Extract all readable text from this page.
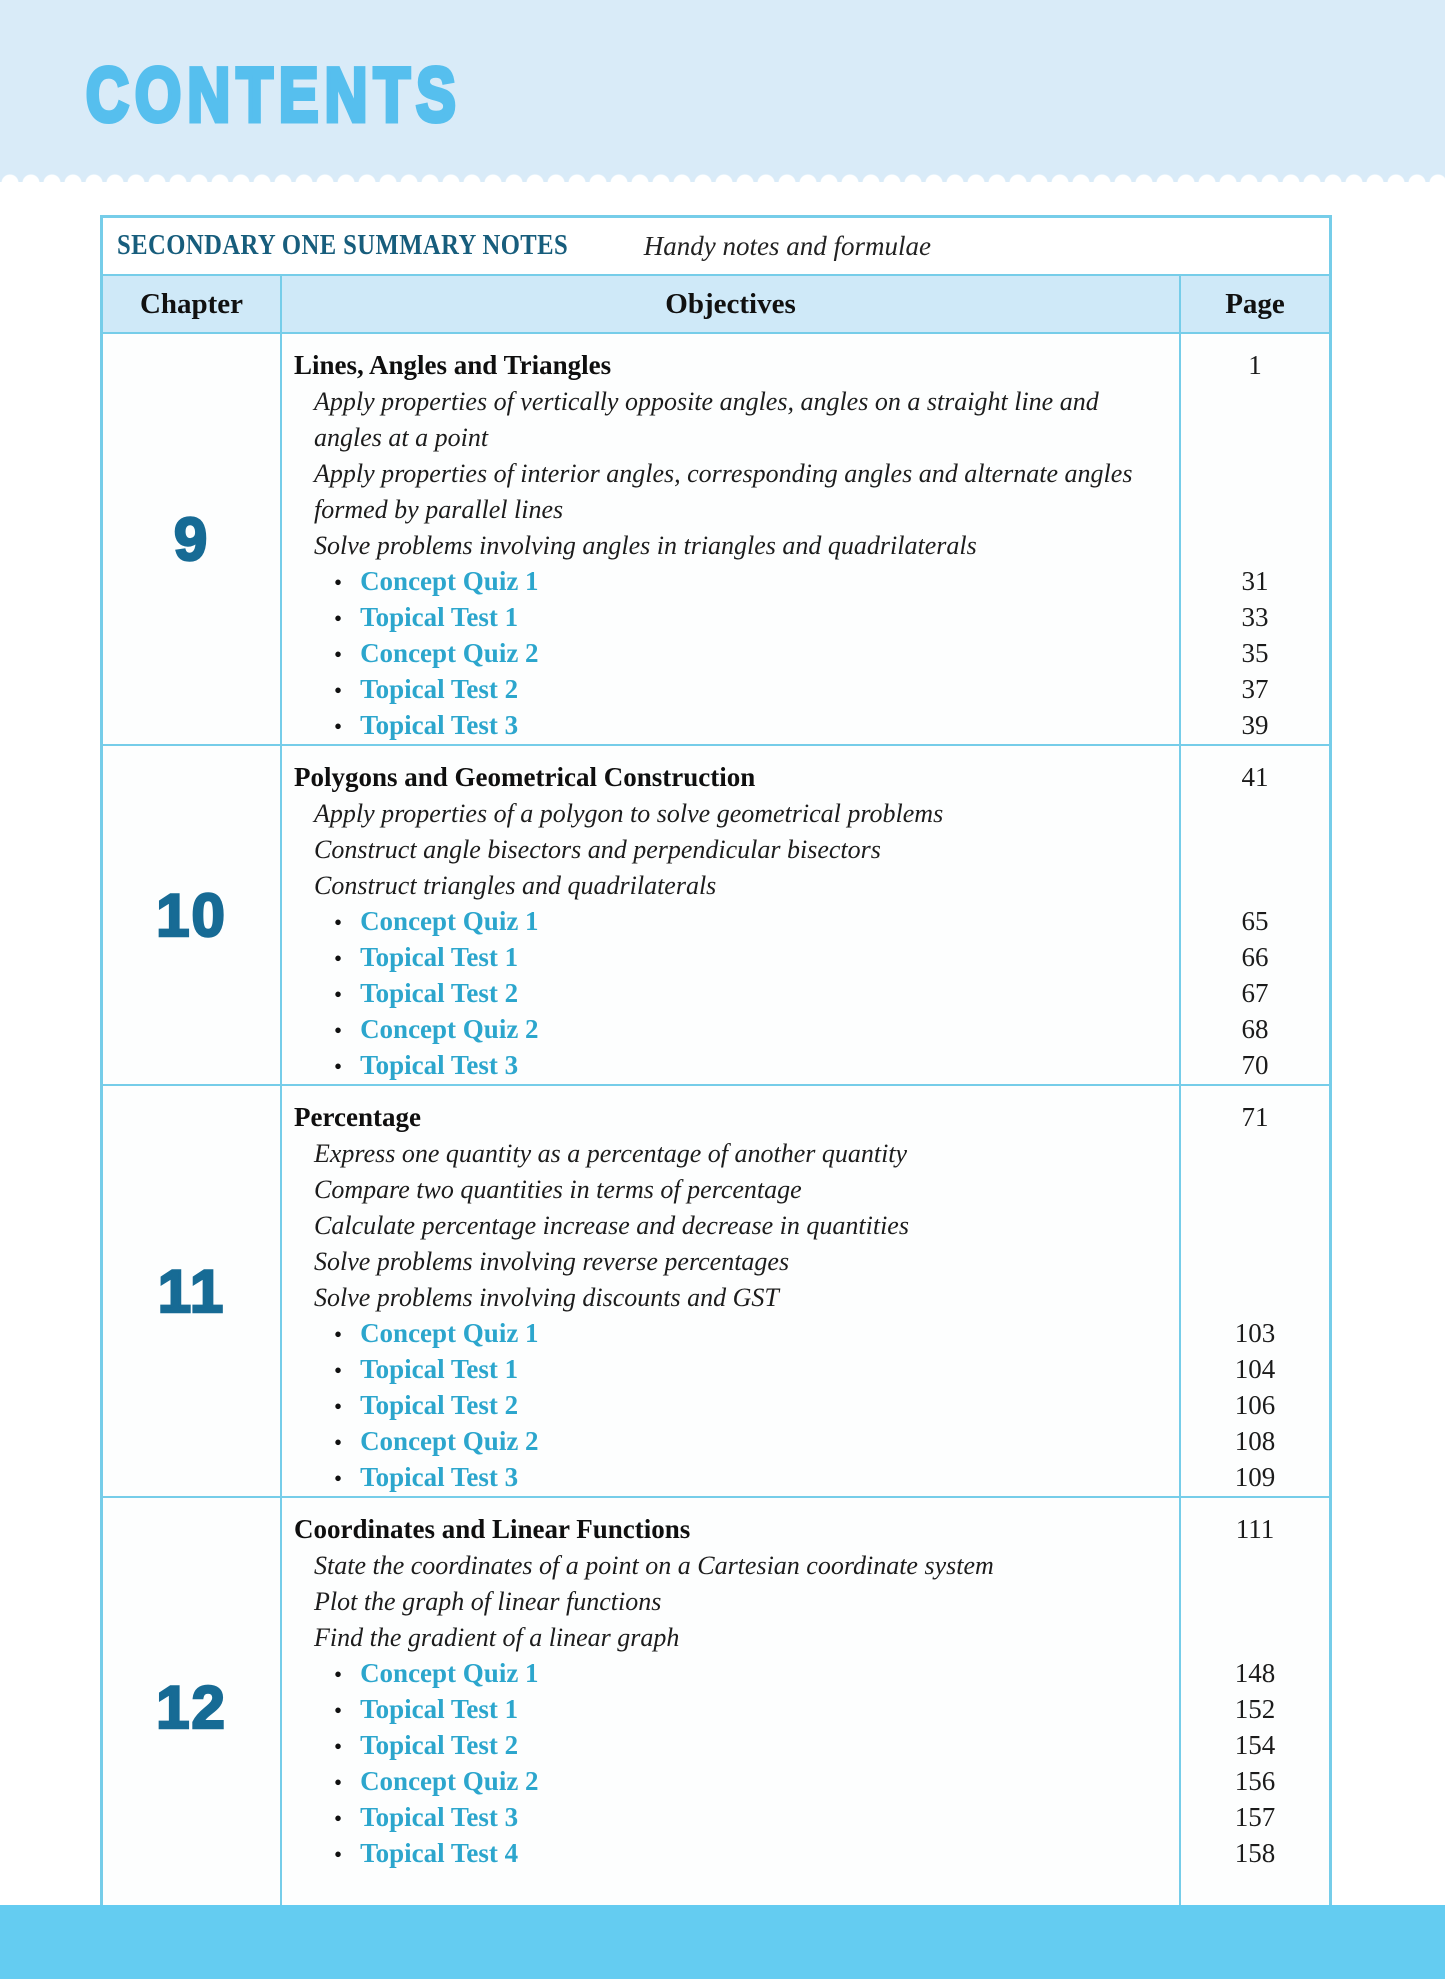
CONTENTS
SECONDARY ONE SUMMARY NOTES	Handy notes and formulae
Chapter	Objectives	Page
9
Lines, Angles and Triangles	1
Apply properties of vertically opposite angles, angles on a straight line and angles at a point
Apply properties of interior angles, corresponding angles and alternate angles formed by parallel lines
Solve problems involving angles in triangles and quadrilaterals
• Concept Quiz 1	31
• Topical Test 1	33
• Concept Quiz 2	35
• Topical Test 2	37
• Topical Test 3	39
10
Polygons and Geometrical Construction	41
Apply properties of a polygon to solve geometrical problems
Construct angle bisectors and perpendicular bisectors
Construct triangles and quadrilaterals
• Concept Quiz 1	65
• Topical Test 1	66
• Topical Test 2	67
• Concept Quiz 2	68
• Topical Test 3	70
11
Percentage	71
Express one quantity as a percentage of another quantity
Compare two quantities in terms of percentage
Calculate percentage increase and decrease in quantities
Solve problems involving reverse percentages
Solve problems involving discounts and GST
• Concept Quiz 1	103
• Topical Test 1	104
• Topical Test 2	106
• Concept Quiz 2	108
• Topical Test 3	109
12
Coordinates and Linear Functions	111
State the coordinates of a point on a Cartesian coordinate system
Plot the graph of linear functions
Find the gradient of a linear graph
• Concept Quiz 1	148
• Topical Test 1	152
• Topical Test 2	154
• Concept Quiz 2	156
• Topical Test 3	157
• Topical Test 4	158
